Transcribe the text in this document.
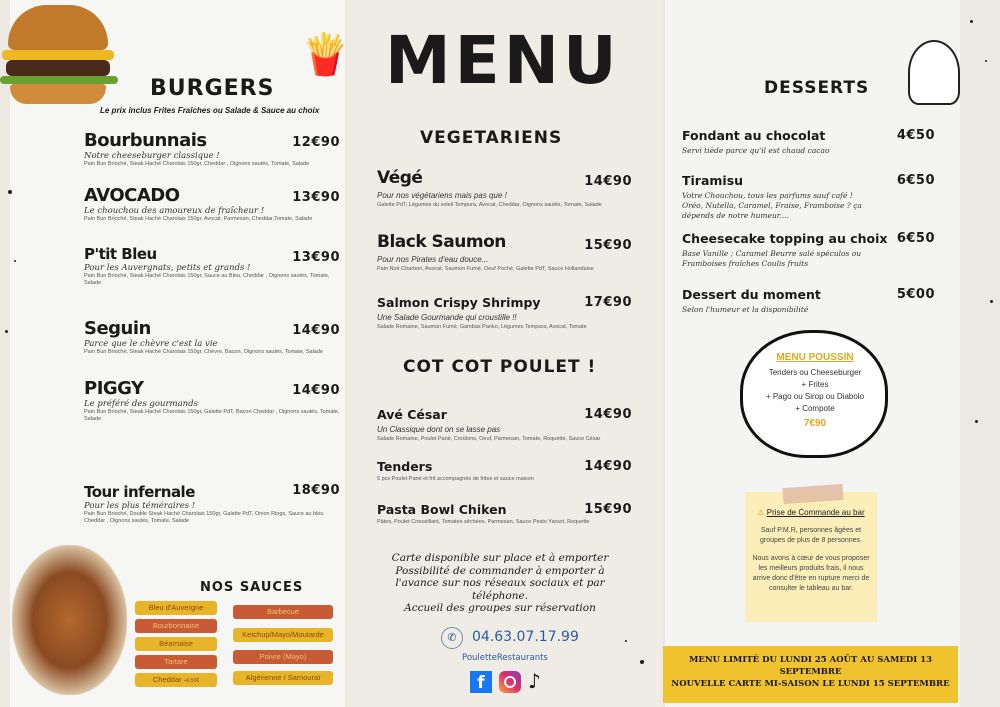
🍟
BURGERS
Le prix inclus Frites Fraîches ou Salade & Sauce au choix
NOS SAUCES
MENU
VEGETARIENS
COT COT POULET !
Carte disponible sur place et à emporter
Possibilité de commander à emporter à l'avance sur nos réseaux sociaux et par téléphone.
Accueil des groupes sur réservation
✆	04.63.07.17.99
PouletteRestaurants
f	♪
DESSERTS
MENU POUSSIN
Tenders ou Cheeseburger
+ Frites
+ Pago ou Sirop ou Diabolo
+ Compote
7€90
⚠ Prise de Commande au bar
Sauf P.M.R, personnes âgées et groupes de plus de 8 personnes.
Nous avons à cœur de vous proposer les meilleurs produits frais, il nous arrive donc d'être en rupture merci de consulter le tableau au bar.
MENU LIMITÉ DU LUNDI 25 AOÛT AU SAMEDI 13 SEPTEMBRE
NOUVELLE CARTE MI-SAISON LE LUNDI 15 SEPTEMBRE
Bourbunnais	12€90
Notre cheeseburger classique !
Pain Bun Brioché, Steak Haché Charolais 150gr, Cheddar , Oignons sautés, Tomate, Salade
AVOCADO	13€90
Le chouchou des amoureux de fraîcheur !
Pain Bun Brioché, Steak Haché Charolais 150gr, Avocat, Parmesan, Cheddar,Tomate, Salade
P'tit Bleu	13€90
Pour les Auvergnats, petits et grands !
Pain Bun Brioché, Steak Haché Charolais 150gr, Sauce au Bleu, Cheddar , Oignons sautés, Tomate, Salade
Seguin	14€90
Parce que le chèvre c'est la vie
Pain Bun Brioché, Steak Haché Charolais 150gr, Chèvre, Bacon, Oignons sautés, Tomate, Salade
PIGGY	14€90
Le préféré des gourmands
Pain Bun Brioché, Steak Haché Charolais 150gr, Galette PdT, Bacon Cheddar , Oignons sautés, Tomate, Salade
Tour infernale	18€90
Pour les plus téméraires !
Pain Bun Brioché, Double Steak Haché Charolais 150gr, Galette PdT, Onion Rings, Sauce au bleu Cheddar , Oignons sautés, Tomate, Salade
Bleu d'Auvergne
Bourbonnaise
Béarnaise
Tartare
Cheddar +0,50€
Barbecue
Ketchup/Mayo/Moutarde
Poivre (Mayo)
Algérienne / Samouraï
Végé	14€90
Pour nos végétariens mais pas que !
Galette PdT, Légumes du soleil Tempura, Avocat, Cheddar, Oignons sautés, Tomate, Salade
Black Saumon	15€90
Pour nos Pirates d'eau douce...
Pain Noir Charbon, Avocat, Saumon Fumé, Oeuf Poché, Galette PdT, Sauce Hollandaise
Salmon Crispy Shrimpy	17€90
Une Salade Gourmande qui croustille !!
Salade Romaine, Saumon Fumé, Gambas Panko, Légumes Tempura, Avocat, Tomate
Avé César	14€90
Un Classique dont on se lasse pas
Salade Romaine, Poulet Pané, Croûtons, Oeuf, Parmesan, Tomate, Roquette, Sauce César
Tenders	14€90
5 pcs Poulet Pané et frit accompagnés de frites et sauce maison
Pasta Bowl Chiken	15€90
Pâtes, Poulet Croustillant, Tomates séchées, Parmesan, Sauce Pesto Yaourt, Roquette
Fondant au chocolat	4€50
Servi tiède parce qu'il est chaud cacao
Tiramisu	6€50
Votre Chouchou, tous les parfums sauf café ! Oréo, Nutella, Caramel, Fraise, Framboise ? ça dépends de notre humeur....
Cheesecake topping au choix 6€50
Base Vanille ; Caramel Beurre salé spéculos ou Framboises fraîches Coulis fruits
Dessert du moment	5€00
Selon l'humeur et la disponibilité
